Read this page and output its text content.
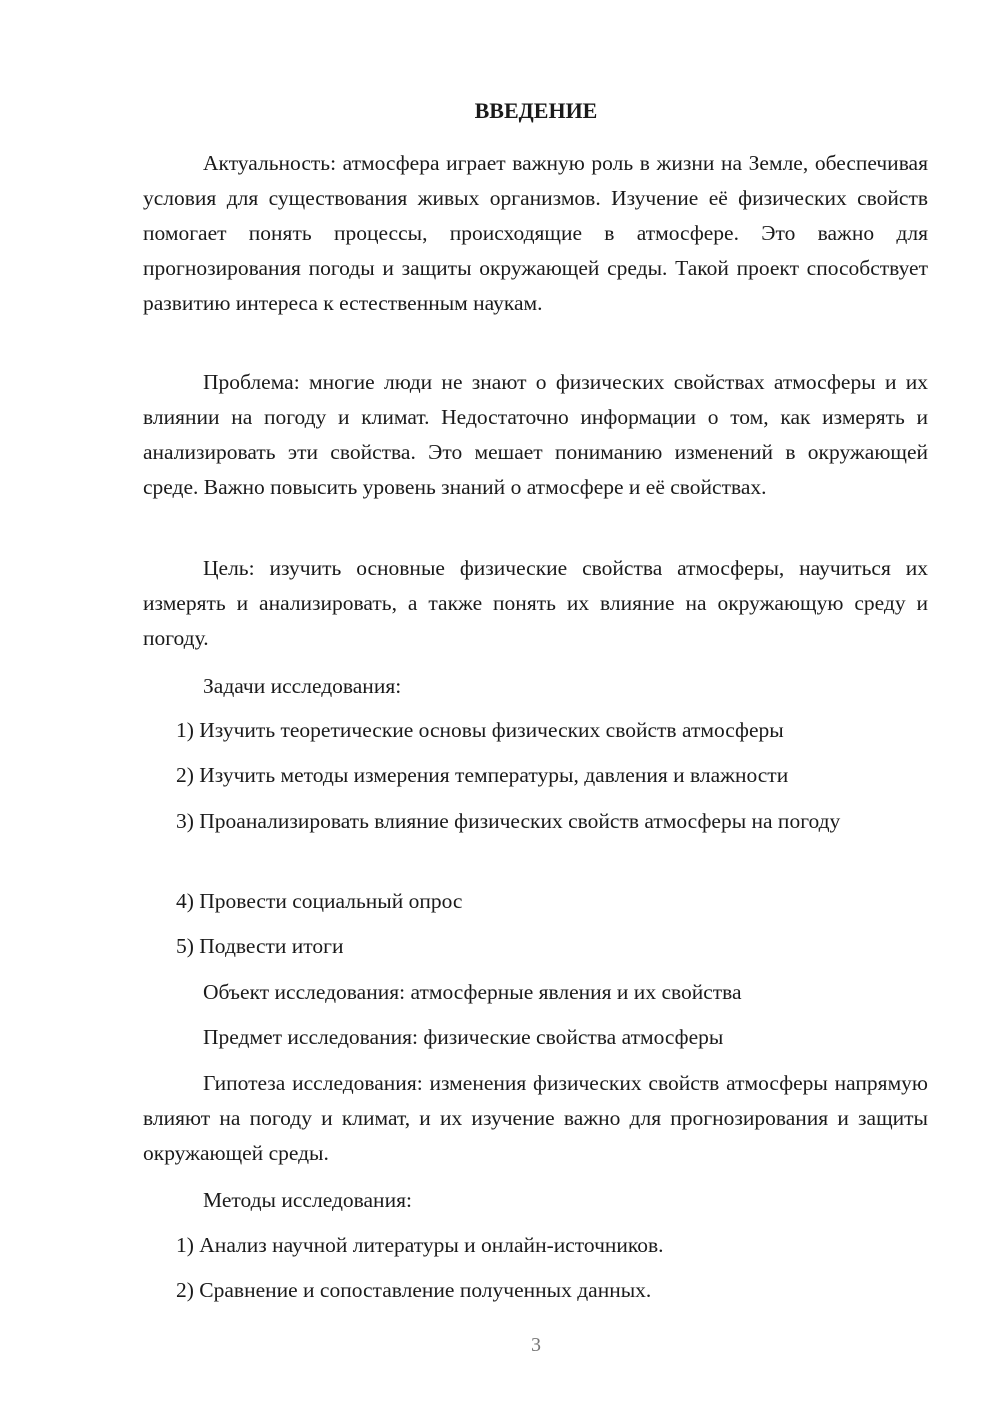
ВВЕДЕНИЕ

Актуальность: атмосфера играет важную роль в жизни на Земле, обеспечивая условия для существования живых организмов. Изучение её физических свойств помогает понять процессы, происходящие в атмосфере. Это важно для прогнозирования погоды и защиты окружающей среды. Такой проект способствует развитию интереса к естественным наукам.

Проблема: многие люди не знают о физических свойствах атмосферы и их влиянии на погоду и климат. Недостаточно информации о том, как измерять и анализировать эти свойства. Это мешает пониманию изменений в окружающей среде. Важно повысить уровень знаний о атмосфере и её свойствах.

Цель: изучить основные физические свойства атмосферы, научиться их измерять и анализировать, а также понять их влияние на окружающую среду и погоду.

Задачи исследования:

1) Изучить теоретические основы физических свойств атмосферы

2) Изучить методы измерения температуры, давления и влажности

3) Проанализировать влияние физических свойств атмосферы на погоду

4) Провести социальный опрос

5) Подвести итоги

Объект исследования: атмосферные явления и их свойства

Предмет исследования: физические свойства атмосферы

Гипотеза исследования: изменения физических свойств атмосферы напрямую влияют на погоду и климат, и их изучение важно для прогнозирования и защиты окружающей среды.

Методы исследования:

1) Анализ научной литературы и онлайн-источников.

2) Сравнение и сопоставление полученных данных.

3
